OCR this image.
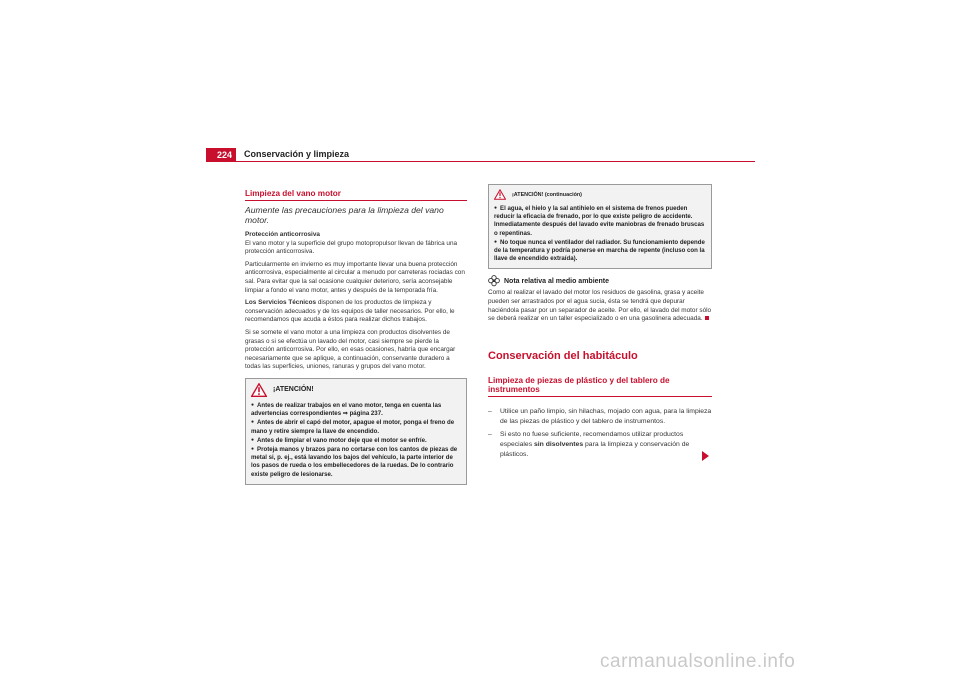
224	Conservación y limpieza
Limpieza del vano motor
Aumente las precauciones para la limpieza del vano motor.

Protección anticorrosiva

El vano motor y la superficie del grupo motopropulsor llevan de fábrica una protección anticorrosiva.

Particularmente en invierno es muy importante llevar una buena protección anticorrosiva, especialmente al circular a menudo por carreteras rociadas con sal. Para evitar que la sal ocasione cualquier deterioro, sería aconsejable limpiar a fondo el vano motor, antes y después de la temporada fría.

Los Servicios Técnicos disponen de los productos de limpieza y conservación adecuados y de los equipos de taller necesarios. Por ello, le recomendamos que acuda a éstos para realizar dichos trabajos.

Si se somete el vano motor a una limpieza con productos disolventes de grasas o si se efectúa un lavado del motor, casi siempre se pierde la protección anticorrosiva. Por ello, en esas ocasiones, habría que encargar necesariamente que se aplique, a continuación, conservante duradero a todas las superficies, uniones, ranuras y grupos del vano motor.

¡ATENCIÓN!
● Antes de realizar trabajos en el vano motor, tenga en cuenta las advertencias correspondientes ⇒ página 237.
● Antes de abrir el capó del motor, apague el motor, ponga el freno de mano y retire siempre la llave de encendido.
● Antes de limpiar el vano motor deje que el motor se enfríe.
● Proteja manos y brazos para no cortarse con los cantos de piezas de metal si, p. ej., está lavando los bajos del vehículo, la parte interior de los pasos de rueda o los embellecedores de la ruedas. De lo contrario existe peligro de lesionarse.
¡ATENCIÓN! (continuación)
● El agua, el hielo y la sal antihielo en el sistema de frenos pueden reducir la eficacia de frenado, por lo que existe peligro de accidente. Inmediatamente después del lavado evite maniobras de frenado bruscas o repentinas.
● No toque nunca el ventilador del radiador. Su funcionamiento depende de la temperatura y podría ponerse en marcha de repente (incluso con la llave de encendido extraída).
Nota relativa al medio ambiente

Como al realizar el lavado del motor los residuos de gasolina, grasa y aceite pueden ser arrastrados por el agua sucia, ésta se tendrá que depurar haciéndola pasar por un separador de aceite. Por ello, el lavado del motor sólo se deberá realizar en un taller especializado o en una gasolinera adecuada.

Conservación del habitáculo
Limpieza de piezas de plástico y del tablero de instrumentos
–	Utilice un paño limpio, sin hilachas, mojado con agua, para la limpieza de las piezas de plástico y del tablero de instrumentos.
–	Si esto no fuese suficiente, recomendamos utilizar productos especiales sin disolventes para la limpieza y conservación de plásticos.
carmanualsonline.info
